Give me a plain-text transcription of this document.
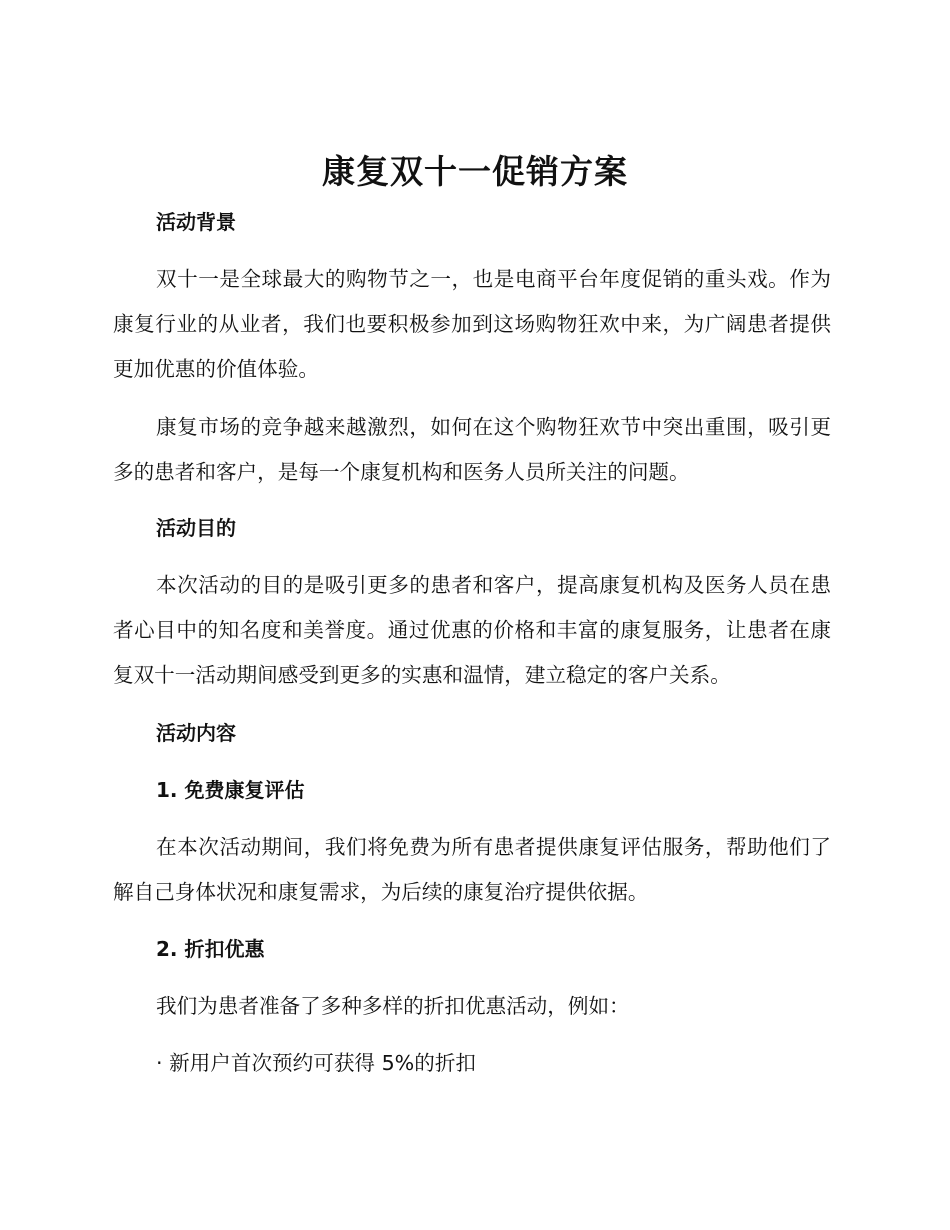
康复双十一促销方案
活动背景
双十一是全球最大的购物节之一，也是电商平台年度促销的重头戏。作为康复行业的从业者，我们也要积极参加到这场购物狂欢中来，为广阔患者提供更加优惠的价值体验。
康复市场的竞争越来越激烈，如何在这个购物狂欢节中突出重围，吸引更多的患者和客户，是每一个康复机构和医务人员所关注的问题。
活动目的
本次活动的目的是吸引更多的患者和客户，提高康复机构及医务人员在患者心目中的知名度和美誉度。通过优惠的价格和丰富的康复服务，让患者在康复双十一活动期间感受到更多的实惠和温情，建立稳定的客户关系。
活动内容
1. 免费康复评估
在本次活动期间，我们将免费为所有患者提供康复评估服务，帮助他们了解自己身体状况和康复需求，为后续的康复治疗提供依据。
2. 折扣优惠
我们为患者准备了多种多样的折扣优惠活动，例如：
· 新用户首次预约可获得 5%的折扣
